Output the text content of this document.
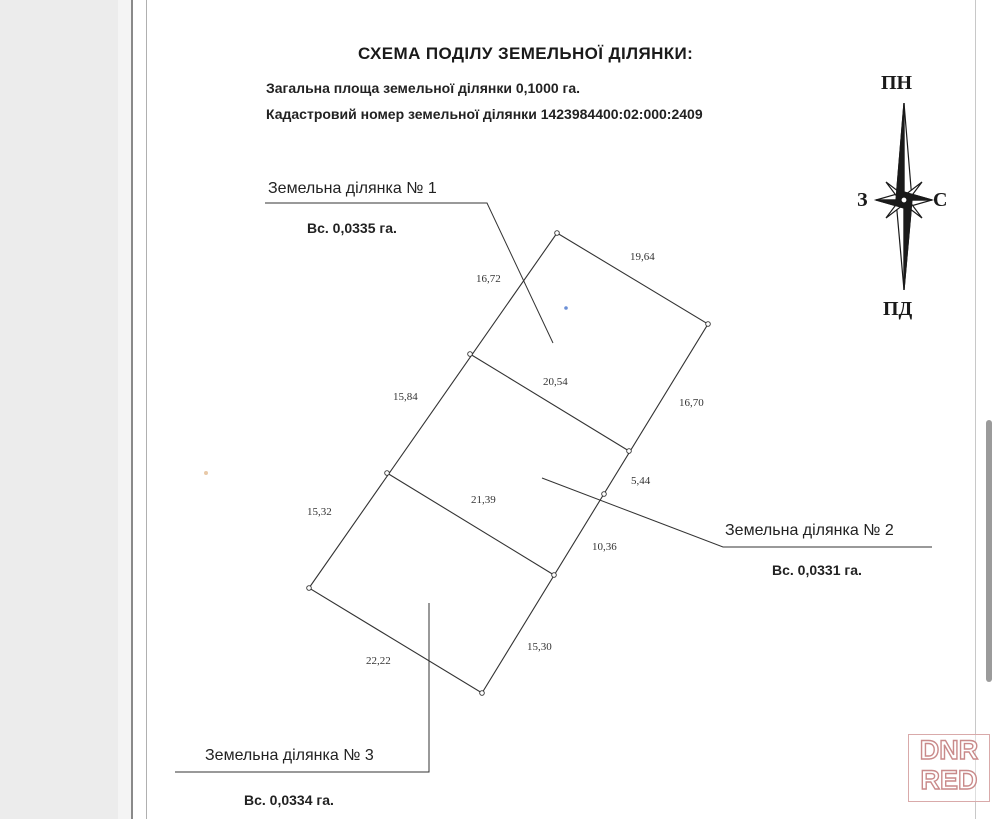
СХЕМА ПОДІЛУ ЗЕМЕЛЬНОЇ ДІЛЯНКИ:
Загальна площа земельної ділянки 0,1000 га.
Кадастровий номер земельної ділянки 1423984400:02:000:2409
ПН
ПД
З	С
Земельна ділянка № 1
Вс. 0,0335 га.
Земельна ділянка № 2
Вс. 0,0331 га.
Земельна ділянка № 3
Вс. 0,0334 га.
19,64
16,72
20,54
15,84	16,70
5,44
21,39
15,32
10,36
15,30
22,22
DNR
RED
